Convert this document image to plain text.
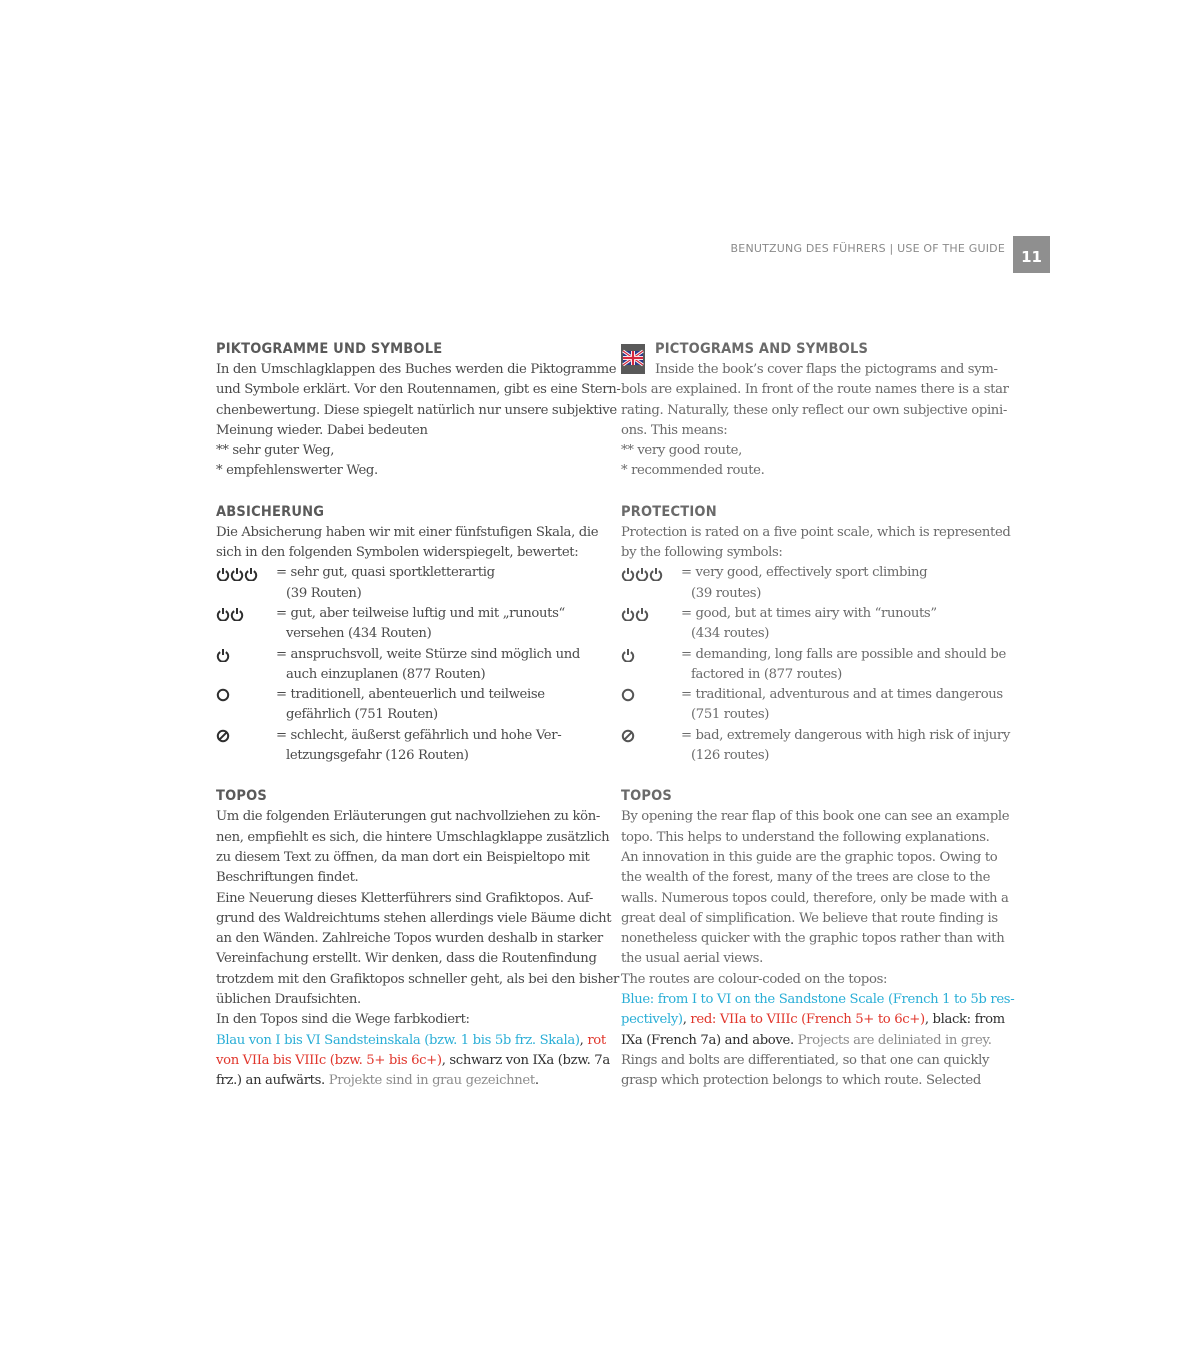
BENUTZUNG DES FÜHRERS | USE OF THE GUIDE	11
PIKTOGRAMME UND SYMBOLE

In den Umschlagklappen des Buches werden die Piktogramme

und Symbole erklärt. Vor den Routennamen, gibt es eine Stern-

chenbewertung. Diese spiegelt natürlich nur unsere subjektive

Meinung wieder. Dabei bedeuten

** sehr guter Weg,

* empfehlenswerter Weg.

ABSICHERUNG

Die Absicherung haben wir mit einer fünfstufigen Skala, die

sich in den folgenden Symbolen widerspiegelt, bewertet:

= sehr gut, quasi sportkletterartig

(39 Routen)

= gut, aber teilweise luftig und mit „runouts“

versehen (434 Routen)

= anspruchsvoll, weite Stürze sind möglich und

auch einzuplanen (877 Routen)

= traditionell, abenteuerlich und teilweise

gefährlich (751 Routen)

= schlecht, äußerst gefährlich und hohe Ver-

letzungsgefahr (126 Routen)

TOPOS

Um die folgenden Erläuterungen gut nachvollziehen zu kön-

nen, empfiehlt es sich, die hintere Umschlagklappe zusätzlich

zu diesem Text zu öffnen, da man dort ein Beispieltopo mit

Beschriftungen findet.

Eine Neuerung dieses Kletterführers sind Grafiktopos. Auf-

grund des Waldreichtums stehen allerdings viele Bäume dicht

an den Wänden. Zahlreiche Topos wurden deshalb in starker

Vereinfachung erstellt. Wir denken, dass die Routenfindung

trotzdem mit den Grafiktopos schneller geht, als bei den bisher

üblichen Draufsichten.

In den Topos sind die Wege farbkodiert:

Blau von I bis VI Sandsteinskala (bzw. 1 bis 5b frz. Skala), rot

von VIIa bis VIIIc (bzw. 5+ bis 6c+), schwarz von IXa (bzw. 7a

frz.) an aufwärts. Projekte sind in grau gezeichnet.

PICTOGRAMS AND SYMBOLS

Inside the book’s cover flaps the pictograms and sym-

bols are explained. In front of the route names there is a star

rating. Naturally, these only reflect our own subjective opini-

ons. This means:

** very good route,

* recommended route.

PROTECTION

Protection is rated on a five point scale, which is represented

by the following symbols:

= very good, effectively sport climbing

(39 routes)

= good, but at times airy with “runouts”

(434 routes)

= demanding, long falls are possible and should be

factored in (877 routes)

= traditional, adventurous and at times dangerous

(751 routes)

= bad, extremely dangerous with high risk of injury

(126 routes)

TOPOS

By opening the rear flap of this book one can see an example

topo. This helps to understand the following explanations.

An innovation in this guide are the graphic topos. Owing to

the wealth of the forest, many of the trees are close to the

walls. Numerous topos could, therefore, only be made with a

great deal of simplification. We believe that route finding is

nonetheless quicker with the graphic topos rather than with

the usual aerial views.

The routes are colour-coded on the topos:

Blue: from I to VI on the Sandstone Scale (French 1 to 5b res-

pectively), red: VIIa to VIIIc (French 5+ to 6c+), black: from

IXa (French 7a) and above. Projects are deliniated in grey.

Rings and bolts are differentiated, so that one can quickly

grasp which protection belongs to which route. Selected
